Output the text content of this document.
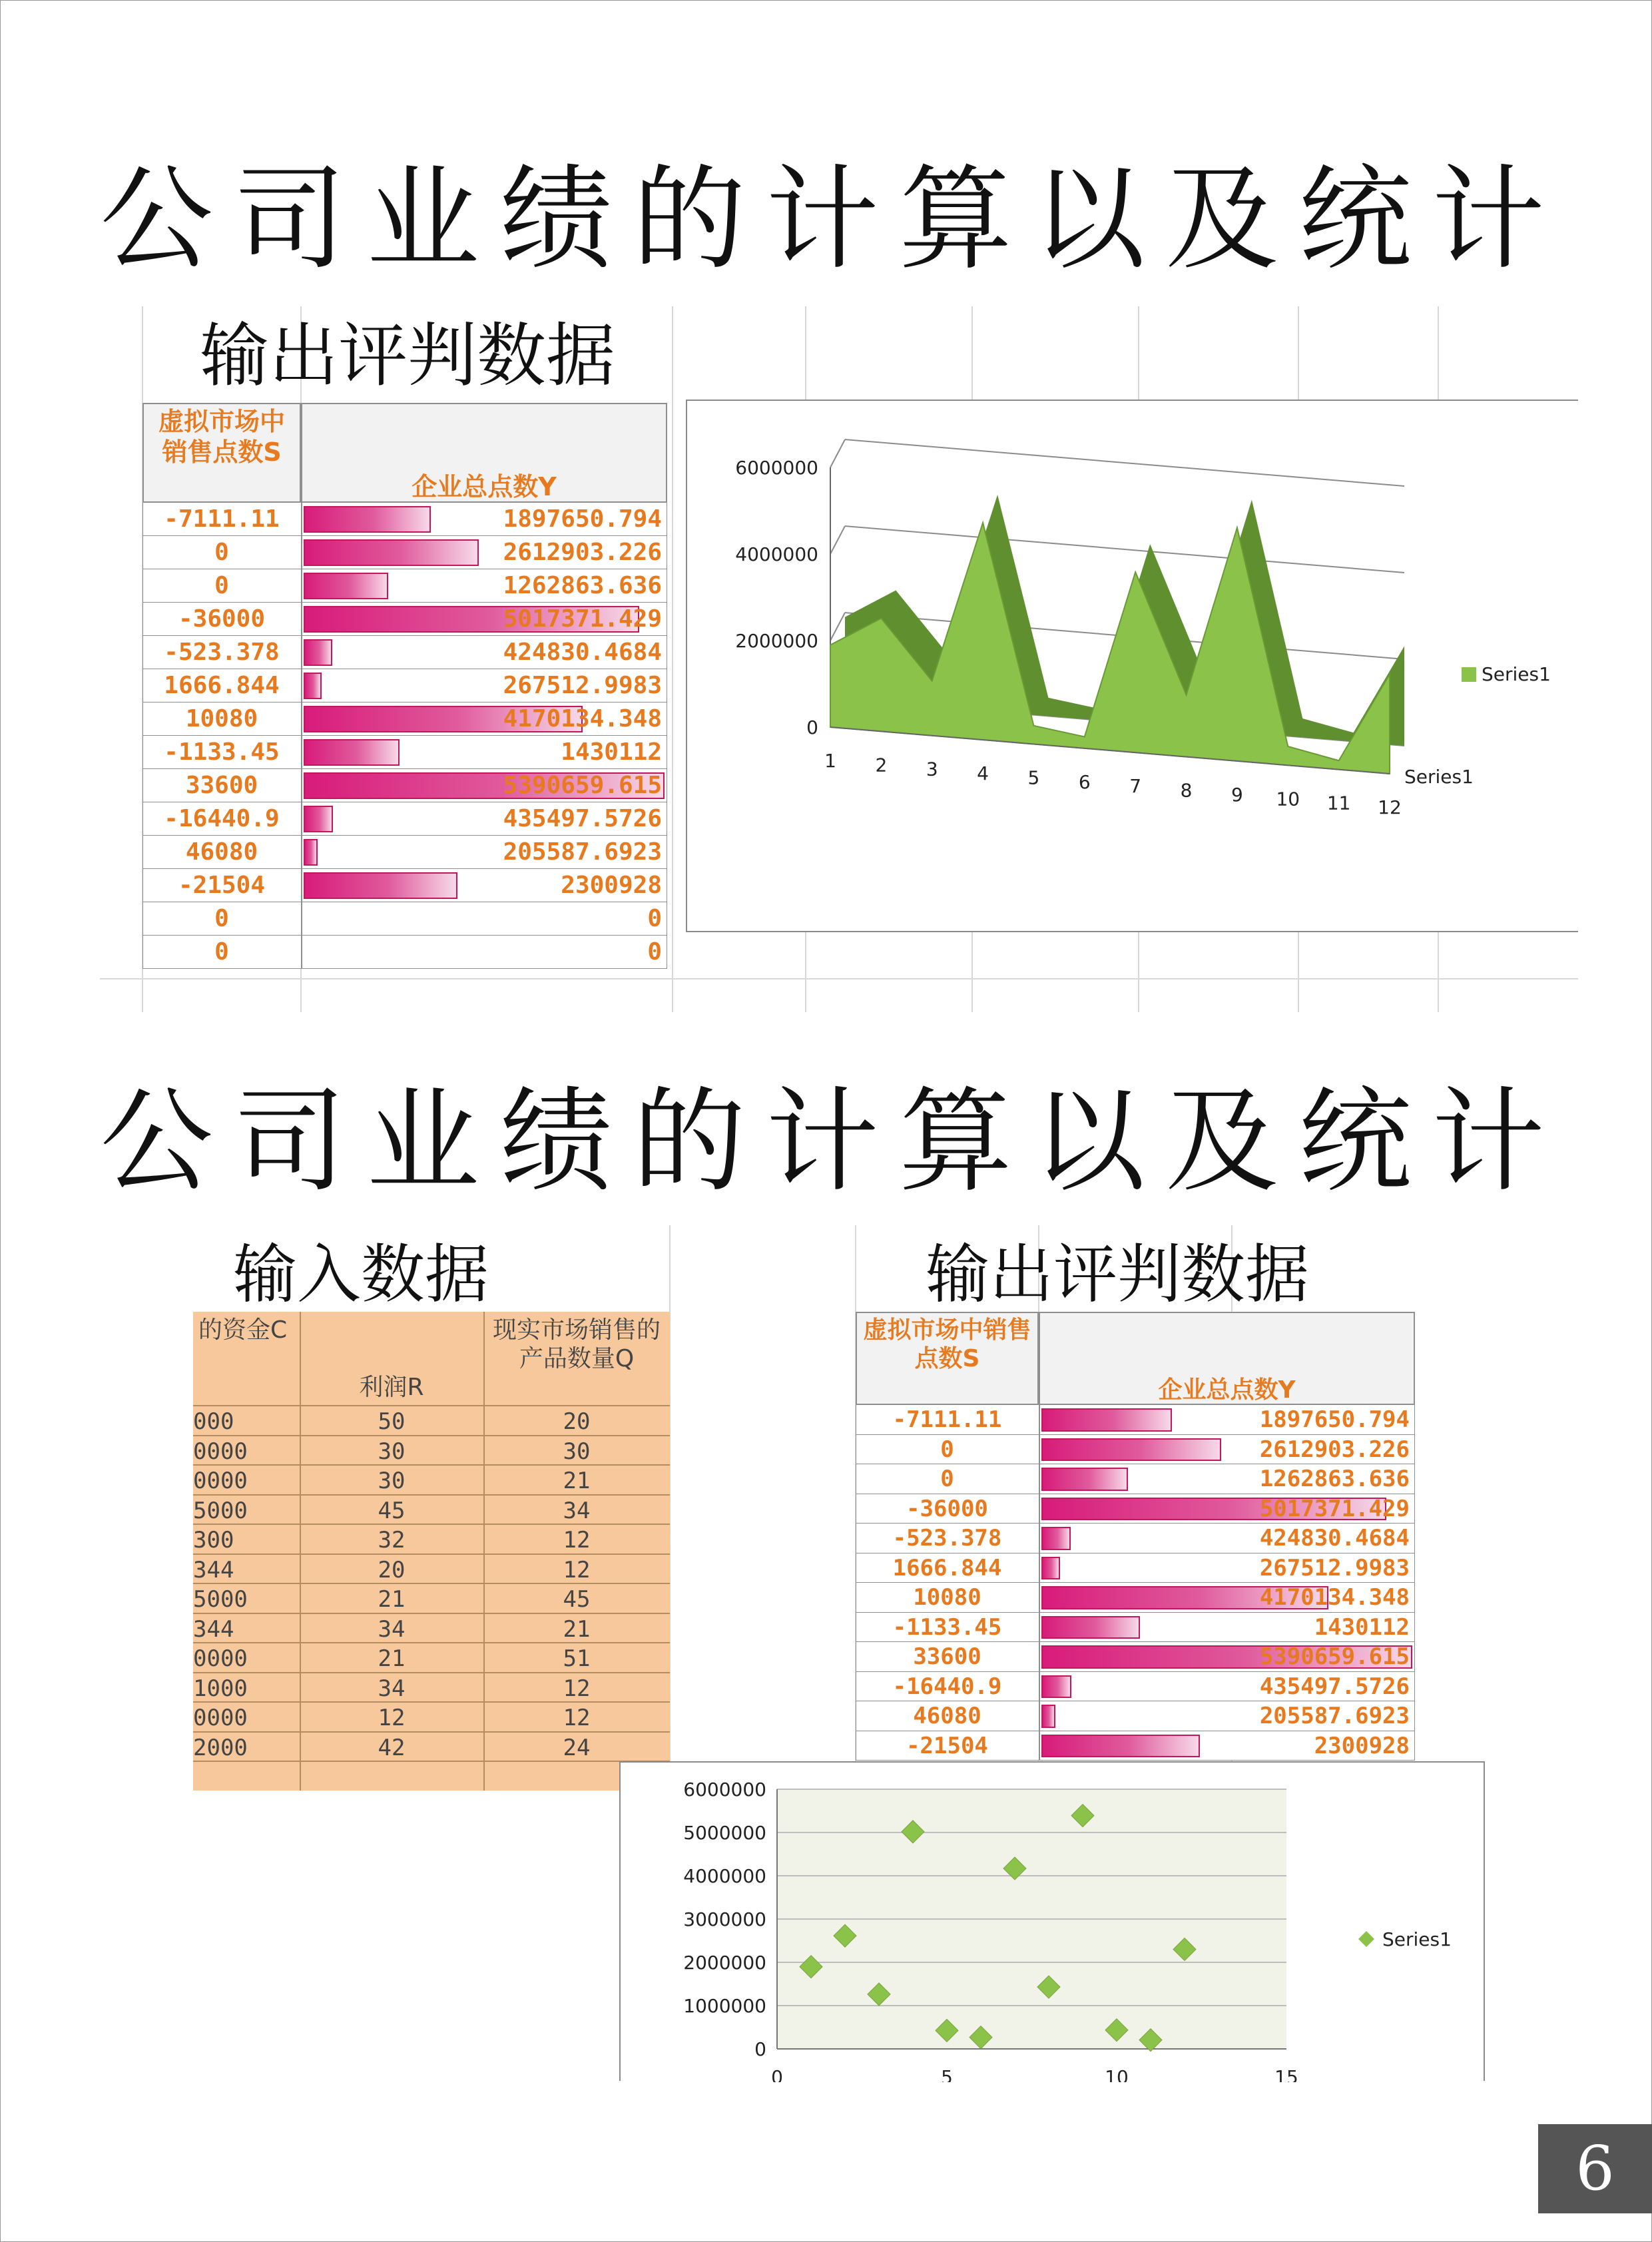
公司业绩的计算以及统计
输出评判数据
虚拟市场中销售点数S
企业总点数Y
-7111.11	1897650.794
0	2612903.226
0	1262863.636
-36000	5017371.429
-523.378	424830.4684
1666.844	267512.9983
10080	4170134.348
-1133.45	1430112
33600	5390659.615
-16440.9	435497.5726
46080	205587.6923
-21504	2300928
0	0
0	0
0
2000000
4000000
6000000
1 2 3 4 5 6 7 8 9 10 11 12
Series1
Series1
公司业绩的计算以及统计
输入数据	输出评判数据
的资金C
利润R
现实市场销售的产品数量Q
000	50	20
0000	30	30
0000	30	21
5000	45	34
300	32	12
344	20	12
5000	21	45
344	34	21
0000	21	51
1000	34	12
0000	12	12
2000	42	24
虚拟市场中销售点数S
企业总点数Y
-7111.11	1897650.794
0	2612903.226
0	1262863.636
-36000	5017371.429
-523.378	424830.4684
1666.844	267512.9983
10080	4170134.348
-1133.45	1430112
33600	5390659.615
-16440.9	435497.5726
46080	205587.6923
-21504	2300928
0
1000000
2000000
3000000
4000000
5000000
6000000
0	5	10	15
Series1
6
